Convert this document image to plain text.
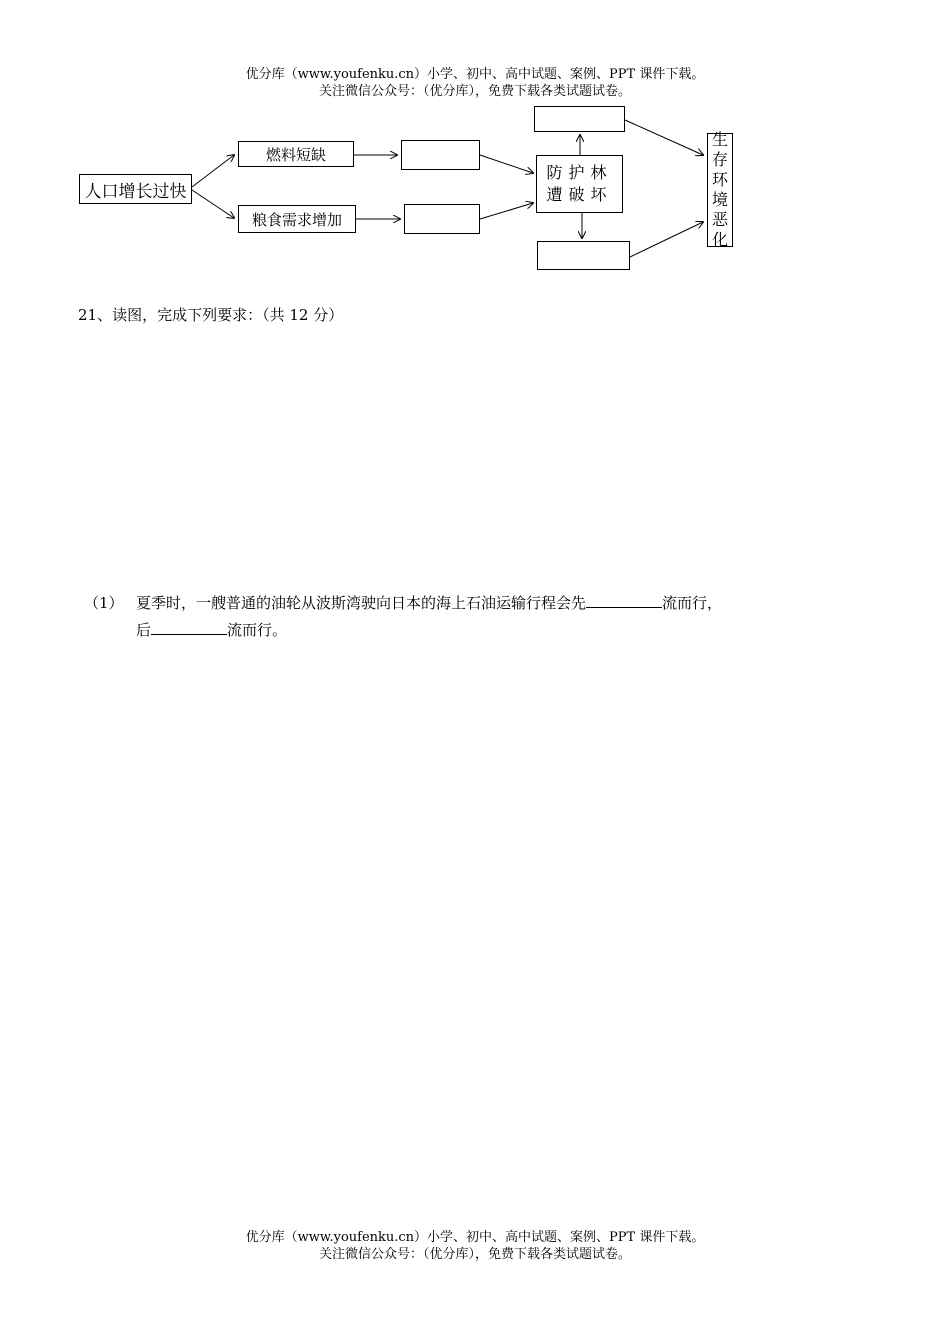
优分库（www.youfenku.cn）小学、初中、高中试题、案例、PPT 课件下载。
关注微信公众号：（优分库），免费下载各类试题试卷。
人口增长过快
燃料短缺
粮食需求增加
防护林
遭破坏
生存环境恶化
21、读图，完成下列要求：（共 12 分）
（1） 夏季时，一艘普通的油轮从波斯湾驶向日本的海上石油运输行程会先	流而行，
后	流而行。
优分库（www.youfenku.cn）小学、初中、高中试题、案例、PPT 课件下载。
关注微信公众号：（优分库），免费下载各类试题试卷。
